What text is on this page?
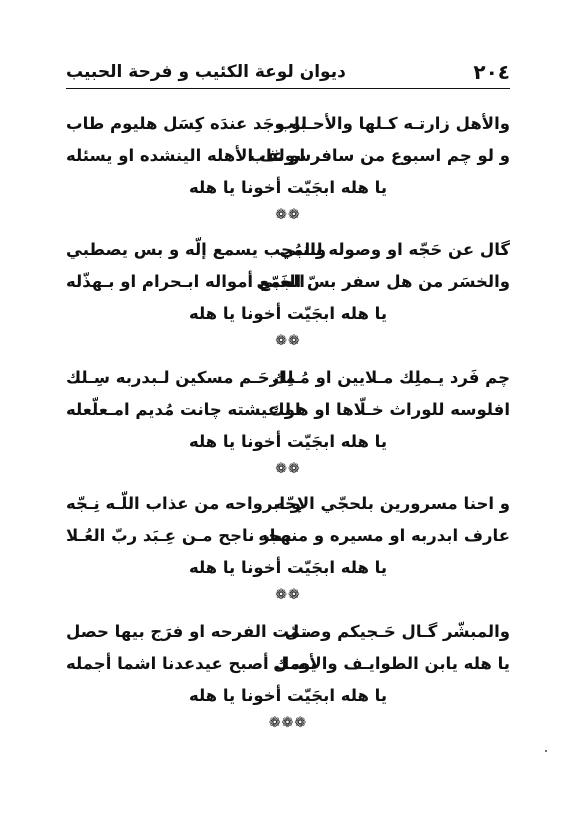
٢٠٤
ديوان لوعة الكئيب و فرحة الحبيب
والأهل زارتـه كـلها والأحـباب
لو وجَد عندَه كِسَل هليوم طاب
و لو چم اسبوع من سافر او غاب
سولف الأهله الينشده او يسئله
يا هله ابجَيّت أخونا يا هله
❁❁
گال عن حَجّه او وصوله للنبي
والمُحِب يسمع إلّه و بس يصطبي
والخسَر من هل سفر بسّ الغَبي
الجمّع أمواله ابـحرام او بـهذّله
يا هله ابجَيّت أخونا يا هله
❁❁
چم فَرد يـملِك مـلايين او مُـلِك
مارحَـم مسكين لـبدربه سِـلك
افلوسه للوراث خـلّاها او هـلك
او عيشته چانت مُديم امـعلّعله
يا هله ابجَيّت أخونا يا هله
❁❁
و احنا مسرورين بلحجّي الإجّه
و ابرواحه من عذاب اللّـه نِـجّه
عارف ابدربه او مسيره و منهجه
صار ناجح مـن عِـبَد ربّ العُـلا
يا هله ابجَيّت أخونا يا هله
❁❁
والمبشّر گـال حَـجيكم وصـل
تمّت الفرحه او فرَج بيها حصل
يا هله يابن الطوايـف والأصـل
يومك أصبح عيدعدنا اشما أجمله
يا هله ابجَيّت أخونا يا هله
❁❁❁
